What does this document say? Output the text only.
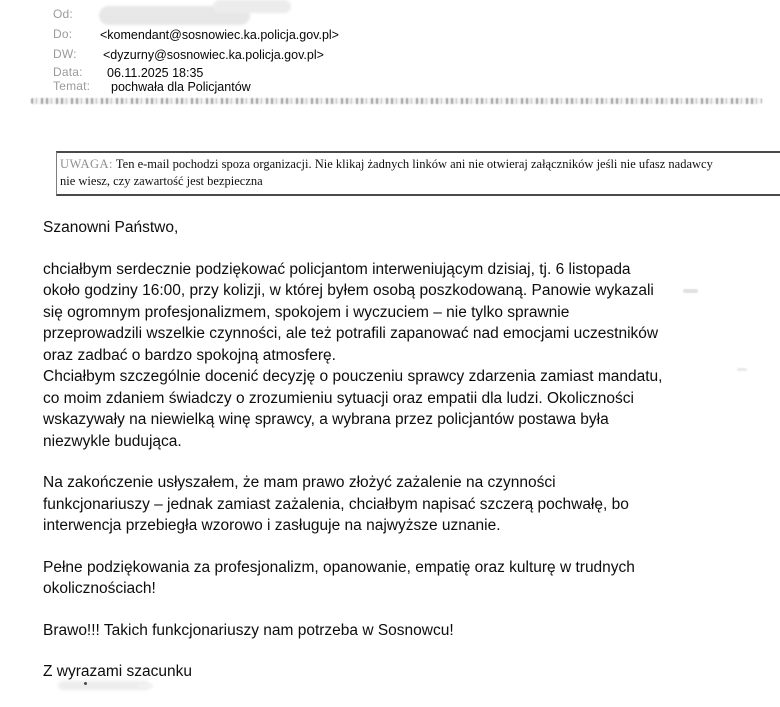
Od:
Do:
DW:
Data:
Temat:
<komendant@sosnowiec.ka.policja.gov.pl>
<dyzurny@sosnowiec.ka.policja.gov.pl>
06.11.2025 18:35
pochwała dla Policjantów
UWAGA: Ten e-mail pochodzi spoza organizacji. Nie klikaj żadnych linków ani nie otwieraj załączników jeśli nie ufasz nadawcy
nie wiesz, czy zawartość jest bezpieczna
Szanowni Państwo,
chciałbym serdecznie podziękować policjantom interweniującym dzisiaj, tj. 6 listopada
około godziny 16:00, przy kolizji, w której byłem osobą poszkodowaną. Panowie wykazali
się ogromnym profesjonalizmem, spokojem i wyczuciem – nie tylko sprawnie
przeprowadzili wszelkie czynności, ale też potrafili zapanować nad emocjami uczestników
oraz zadbać o bardzo spokojną atmosferę.
Chciałbym szczególnie docenić decyzję o pouczeniu sprawcy zdarzenia zamiast mandatu,
co moim zdaniem świadczy o zrozumieniu sytuacji oraz empatii dla ludzi. Okoliczności
wskazywały na niewielką winę sprawcy, a wybrana przez policjantów postawa była
niezwykle budująca.
Na zakończenie usłyszałem, że mam prawo złożyć zażalenie na czynności
funkcjonariuszy – jednak zamiast zażalenia, chciałbym napisać szczerą pochwałę, bo
interwencja przebiegła wzorowo i zasługuje na najwyższe uznanie.
Pełne podziękowania za profesjonalizm, opanowanie, empatię oraz kulturę w trudnych
okolicznościach!
Brawo!!! Takich funkcjonariuszy nam potrzeba w Sosnowcu!
Z wyrazami szacunku
